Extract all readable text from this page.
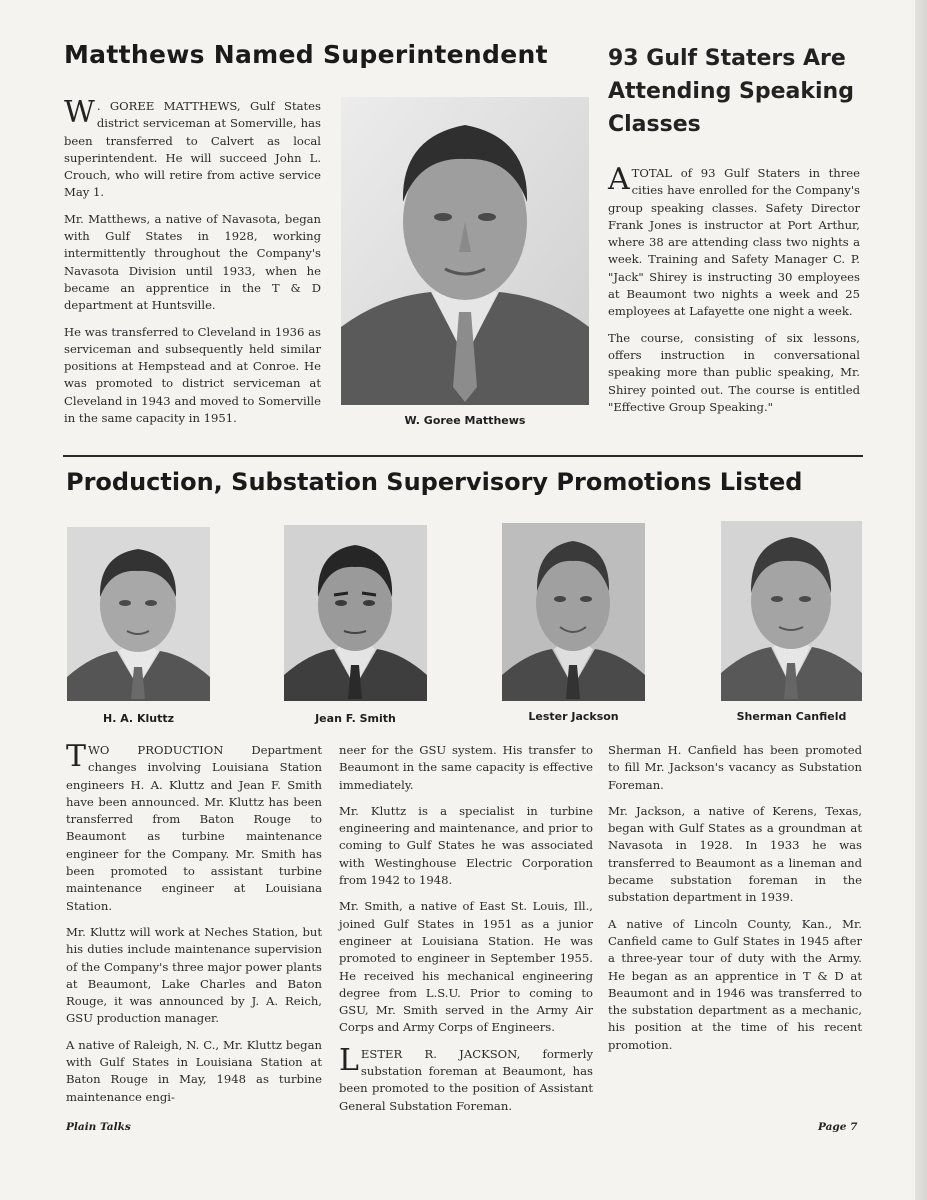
Matthews Named Superintendent	93 Gulf Staters Are Attending Speaking Classes

W . GOREE MATTHEWS, Gulf States district serviceman at Somerville, has been transferred to Calvert as local superintendent. He will succeed John L. Crouch, who will retire from active service May 1.

Mr. Matthews, a native of Navasota, began with Gulf States in 1928, working intermittently throughout the Company's Navasota Division until 1933, when he became an apprentice in the T & D department at Huntsville.

He was transferred to Cleveland in 1936 as serviceman and subsequently held similar positions at Hempstead and at Conroe. He was promoted to district serviceman at Cleveland in 1943 and moved to Somerville in the same capacity in 1951.	W. Goree Matthews

ATOTAL of 93 Gulf Staters in three cities have enrolled for the Company's group speaking classes. Safety Director Frank Jones is instructor at Port Arthur, where 38 are attending class two nights a week. Training and Safety Manager C. P. "Jack" Shirey is instructing 30 employees at Beaumont two nights a week and 25 employees at Lafayette one night a week.

The course, consisting of six lessons, offers instruction in conversational speaking more than public speaking, Mr. Shirey pointed out. The course is entitled "Effective Group Speaking."

Production, Substation Supervisory Promotions Listed
H. A. Kluttz	Jean F. Smith	Lester Jackson	Sherman Canfield

TWO PRODUCTION Department changes involving Louisiana Station engineers H. A. Kluttz and Jean F. Smith have been announced. Mr. Kluttz has been transferred from Baton Rouge to Beaumont as turbine maintenance engineer for the Company. Mr. Smith has been promoted to assistant turbine maintenance engineer at Louisiana Station.

Mr. Kluttz will work at Neches Station, but his duties include maintenance supervision of the Company's three major power plants at Beaumont, Lake Charles and Baton Rouge, it was announced by J. A. Reich, GSU production manager.

A native of Raleigh, N. C., Mr. Kluttz began with Gulf States in Louisiana Station at Baton Rouge in May, 1948 as turbine maintenance engi-

neer for the GSU system. His transfer to Beaumont in the same capacity is effective immediately.

Mr. Kluttz is a specialist in turbine engineering and maintenance, and prior to coming to Gulf States he was associated with Westinghouse Electric Corporation from 1942 to 1948.

Mr. Smith, a native of East St. Louis, Ill., joined Gulf States in 1951 as a junior engineer at Louisiana Station. He was promoted to engineer in September 1955. He received his mechanical engineering degree from L.S.U. Prior to coming to GSU, Mr. Smith served in the Army Air Corps and Army Corps of Engineers.

LESTER R. JACKSON, formerly substation foreman at Beaumont, has been promoted to the position of Assistant General Substation Foreman.

Sherman H. Canfield has been promoted to fill Mr. Jackson's vacancy as Substation Foreman.

Mr. Jackson, a native of Kerens, Texas, began with Gulf States as a groundman at Navasota in 1928. In 1933 he was transferred to Beaumont as a lineman and became substation foreman in the substation department in 1939.

A native of Lincoln County, Kan., Mr. Canfield came to Gulf States in 1945 after a three-year tour of duty with the Army. He began as an apprentice in T & D at Beaumont and in 1946 was transferred to the substation department as a mechanic, his position at the time of his recent promotion.

Plain Talks	Page 7
